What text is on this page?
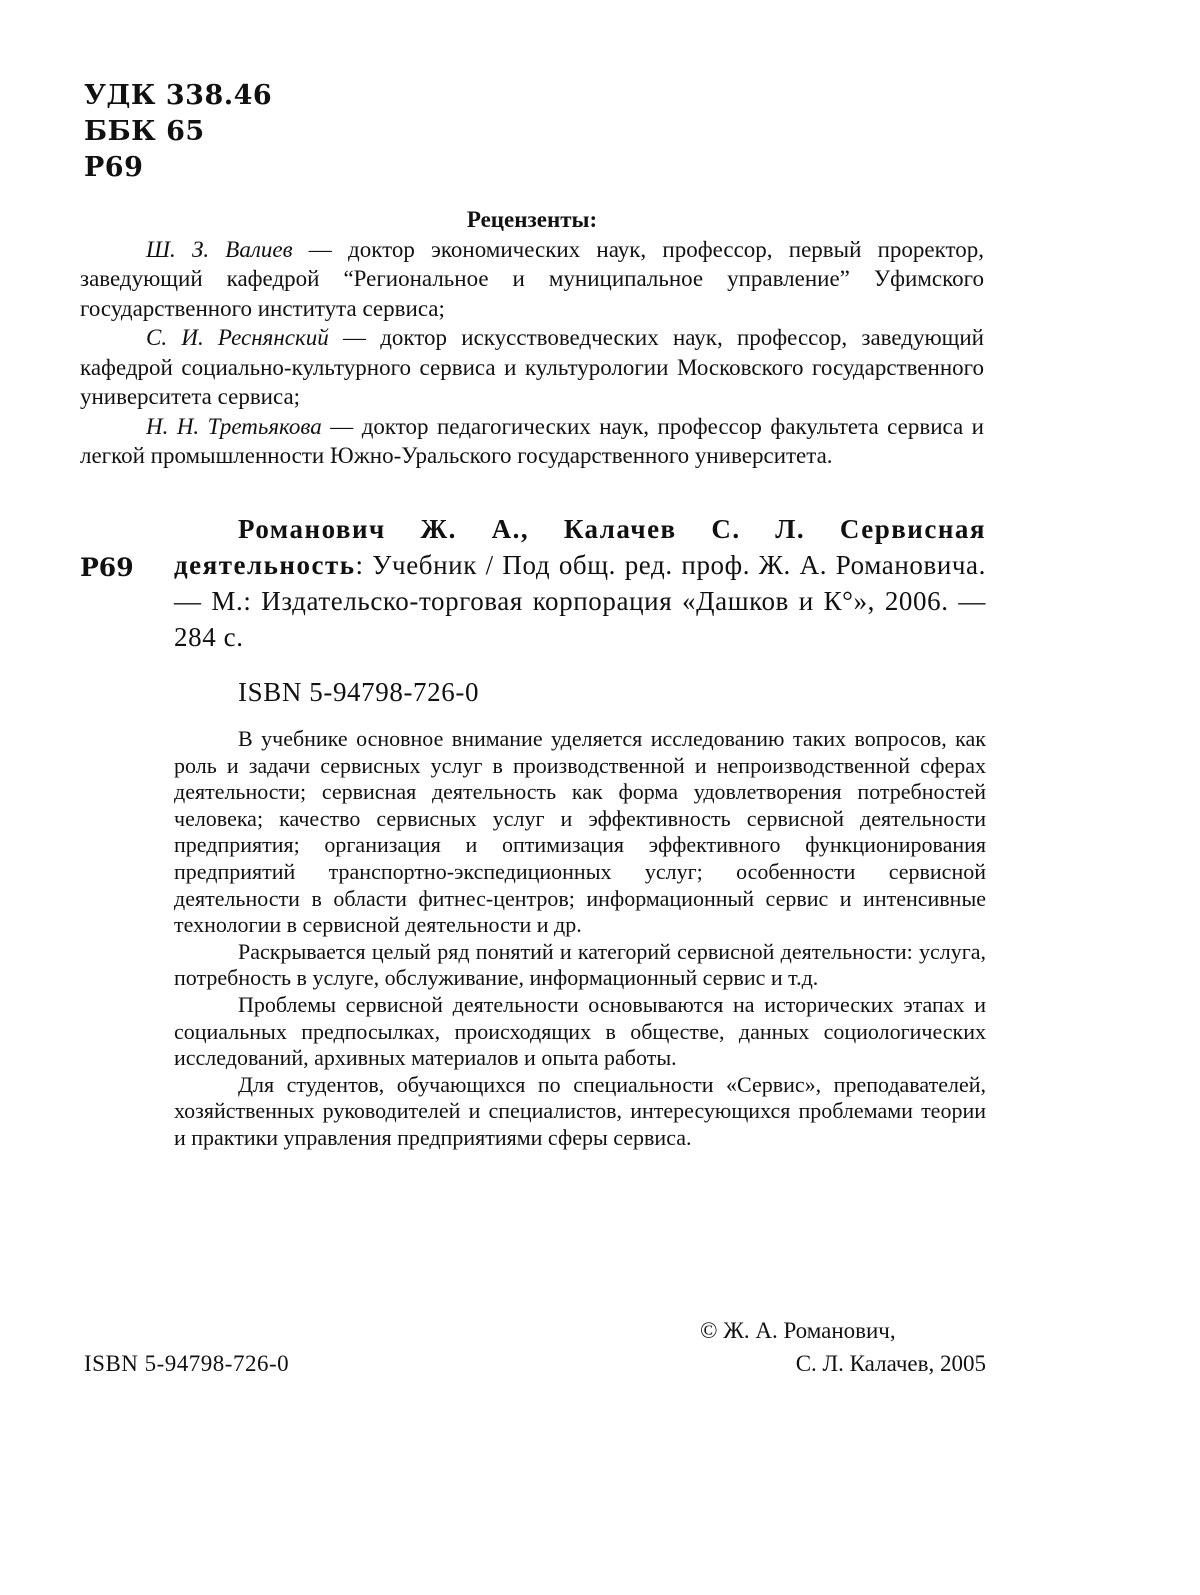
УДК 338.46
ББК 65
Р69
Рецензенты:

Ш. З. Валиев — доктор экономических наук, профессор, первый проректор, заведующий кафедрой “Региональное и муниципальное управление” Уфимского государственного института сервиса;

С. И. Реснянский — доктор искусствоведческих наук, профессор, заведующий кафедрой социально-культурного сервиса и культурологии Московского государственного университета сервиса;

Н. Н. Третьякова — доктор педагогических наук, профессор факультета сервиса и легкой промышленности Южно-Уральского государственного университета.

Р69

Романович Ж. А., Калачев С. Л. Сервисная деятельность: Учебник / Под общ. ред. проф. Ж. А. Романовича. — М.: Издательско-торговая корпорация «Дашков и К°», 2006. — 284 с.

ISBN 5-94798-726-0

В учебнике основное внимание уделяется исследованию таких вопросов, как роль и задачи сервисных услуг в производственной и непроизводственной сферах деятельности; сервисная деятельность как форма удовлетворения потребностей человека; качество сервисных услуг и эффективность сервисной деятельности предприятия; организация и оптимизация эффективного функционирования предприятий транспортно-экспедиционных услуг; особенности сервисной деятельности в области фитнес-центров; информационный сервис и интенсивные технологии в сервисной деятельности и др.

Раскрывается целый ряд понятий и категорий сервисной деятельности: услуга, потребность в услуге, обслуживание, информационный сервис и т.д.

Проблемы сервисной деятельности основываются на исторических этапах и социальных предпосылках, происходящих в обществе, данных социологических исследований, архивных материалов и опыта работы.

Для студентов, обучающихся по специальности «Сервис», преподавателей, хозяйственных руководителей и специалистов, интересующихся проблемами теории и практики управления предприятиями сферы сервиса.

ISBN 5-94798-726-0
© Ж. А. Романович,
С. Л. Калачев, 2005
